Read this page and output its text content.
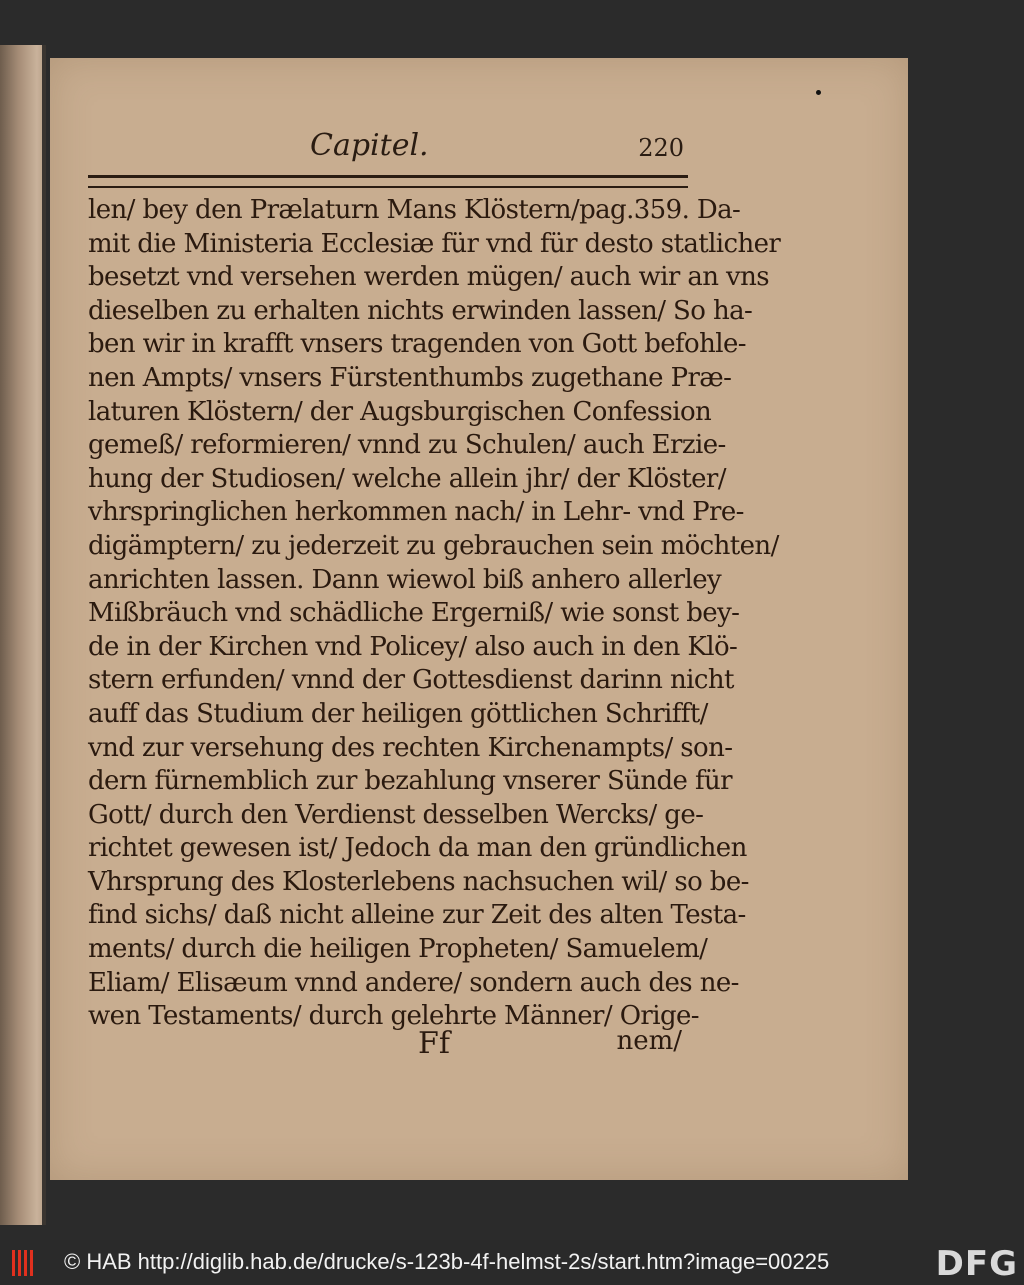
Capitel.	220
len/ bey den Prælaturn Mans Klöstern/pag.359. Da-
mit die Ministeria Ecclesiæ für vnd für desto statlicher
besetzt vnd versehen werden mügen/ auch wir an vns
dieselben zu erhalten nichts erwinden lassen/ So ha-
ben wir in krafft vnsers tragenden von Gott befohle-
nen Ampts/ vnsers Fürstenthumbs zugethane Præ-
laturen Klöstern/ der Augsburgischen Confession
gemeß/ reformieren/ vnnd zu Schulen/ auch Erzie-
hung der Studiosen/ welche allein jhr/ der Klöster/
vhrspringlichen herkommen nach/ in Lehr- vnd Pre-
digämptern/ zu jederzeit zu gebrauchen sein möchten/
anrichten lassen. Dann wiewol biß anhero allerley
Mißbräuch vnd schädliche Ergerniß/ wie sonst bey-
de in der Kirchen vnd Policey/ also auch in den Klö-
stern erfunden/ vnnd der Gottesdienst darinn nicht
auff das Studium der heiligen göttlichen Schrifft/
vnd zur versehung des rechten Kirchenampts/ son-
dern fürnemblich zur bezahlung vnserer Sünde für
Gott/ durch den Verdienst desselben Wercks/ ge-
richtet gewesen ist/ Jedoch da man den gründlichen
Vhrsprung des Klosterlebens nachsuchen wil/ so be-
find sichs/ daß nicht alleine zur Zeit des alten Testa-
ments/ durch die heiligen Propheten/ Samuelem/
Eliam/ Elisæum vnnd andere/ sondern auch des ne-
wen Testaments/ durch gelehrte Männer/ Orige-
Ff	nem/
© HAB http://diglib.hab.de/drucke/s-123b-4f-helmst-2s/start.htm?image=00225	DFG
